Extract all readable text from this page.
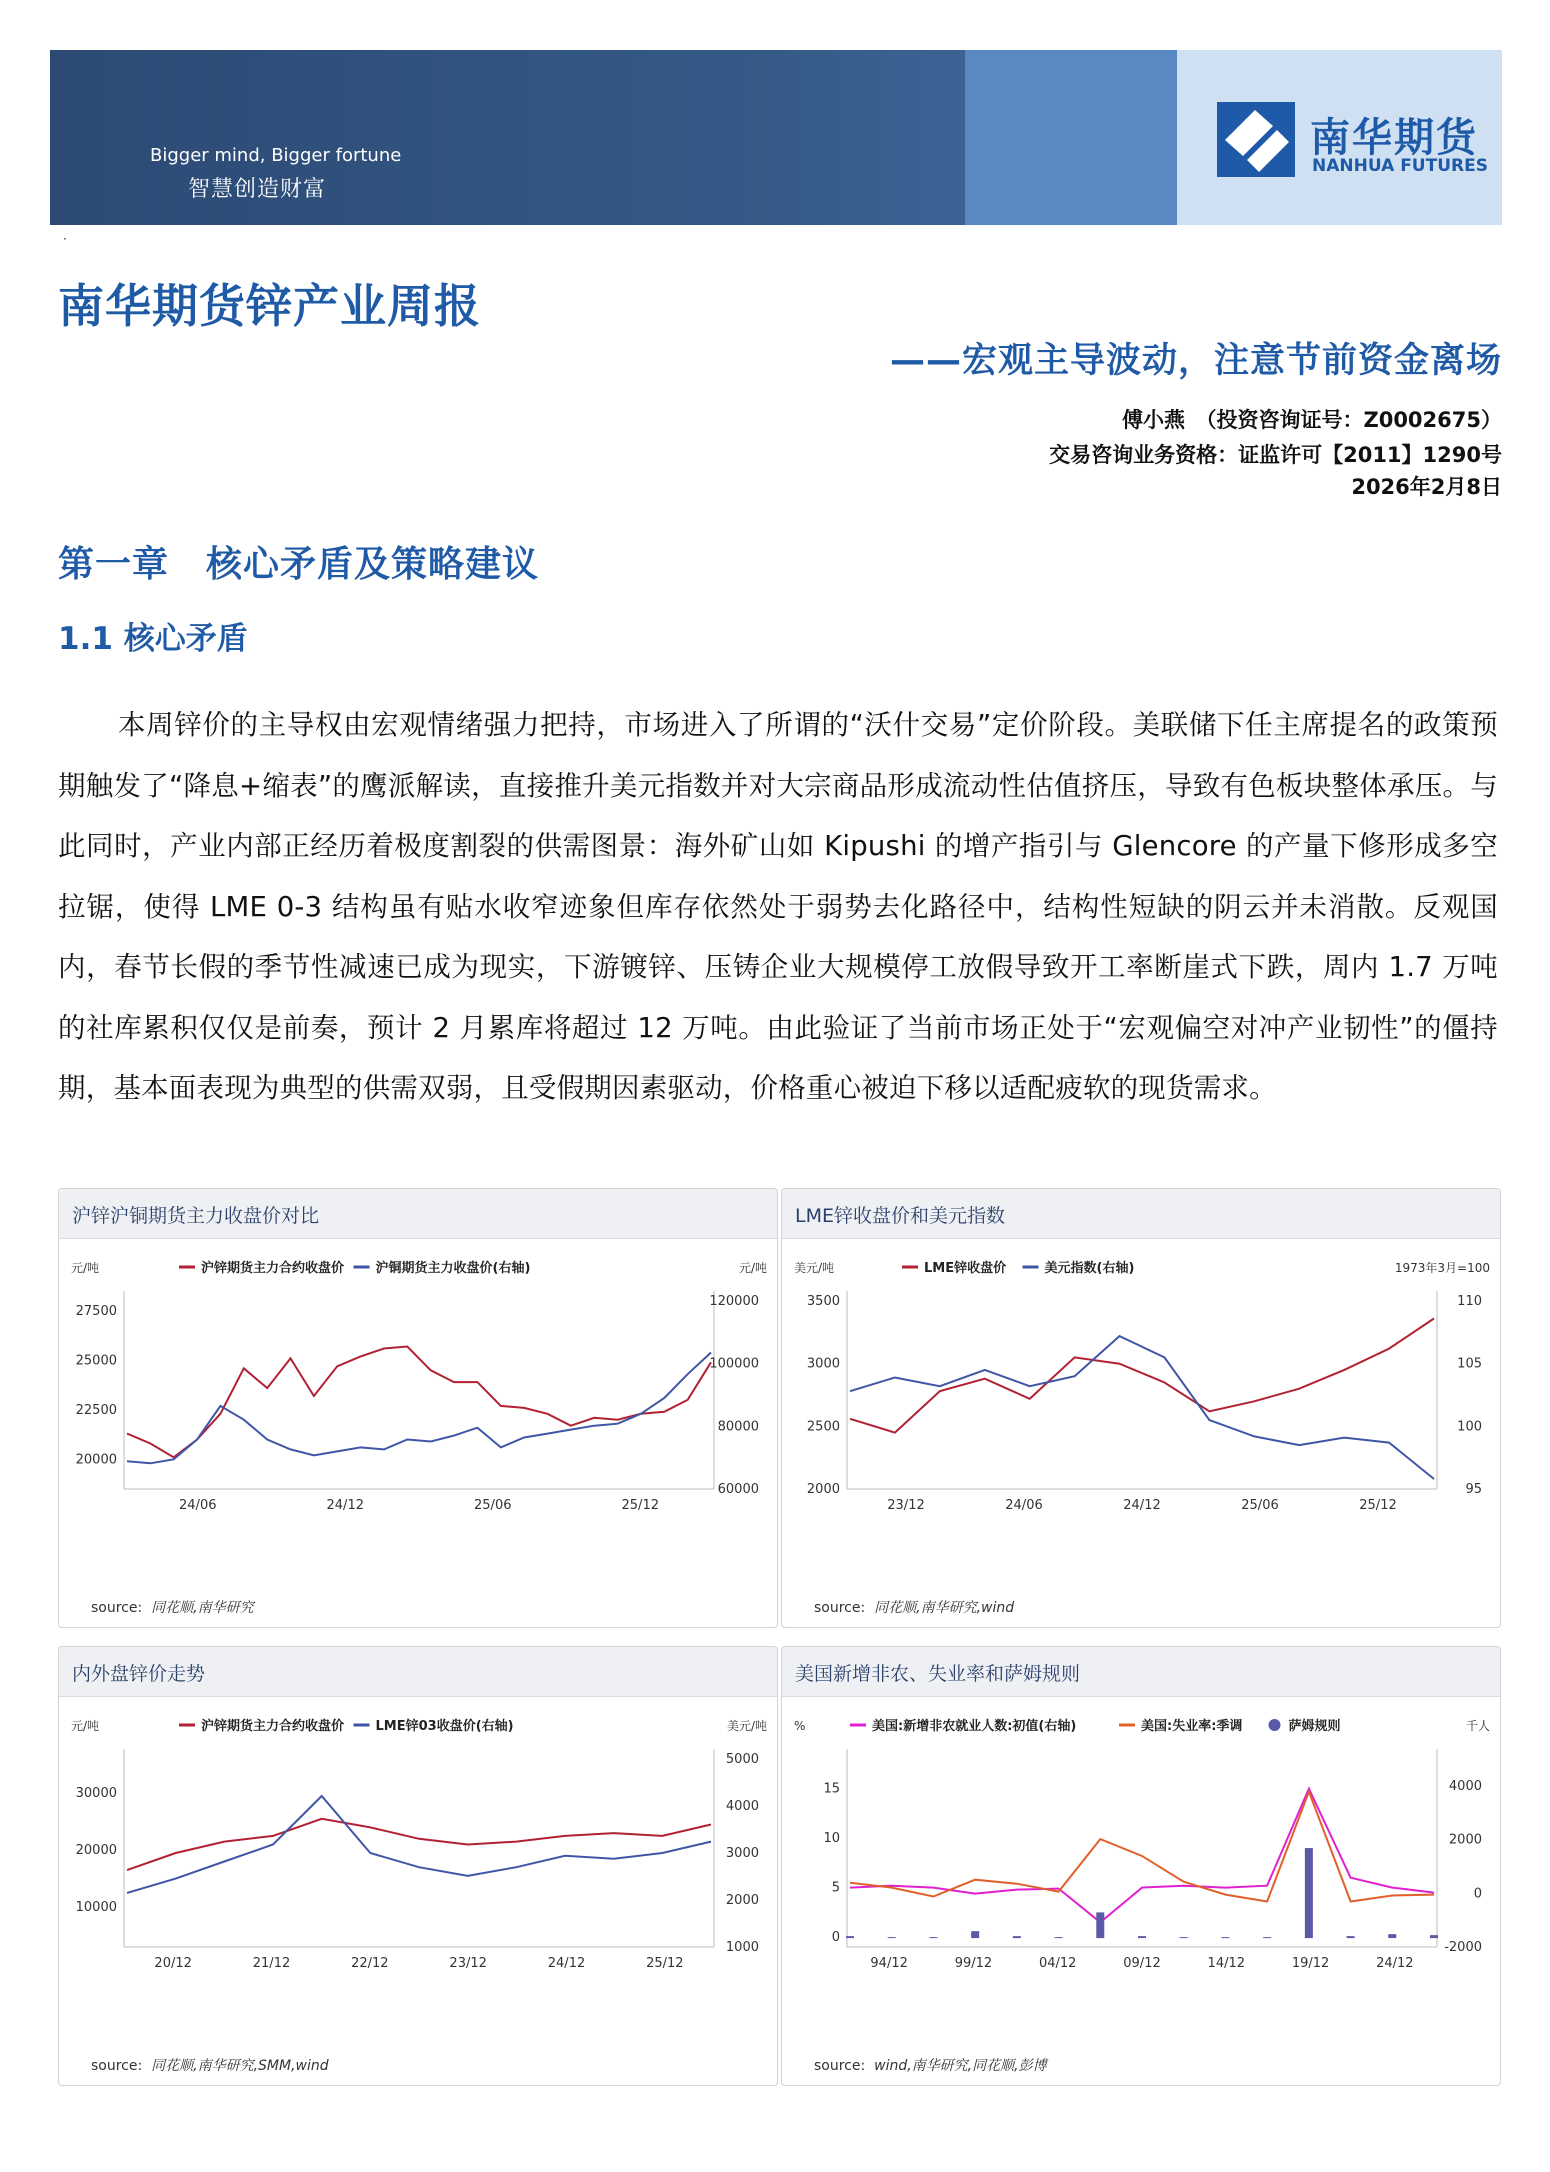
Bigger mind, Bigger fortune
智慧创造财富
南华期货
NANHUA FUTURES
·
南华期货锌产业周报
——宏观主导波动，注意节前资金离场
傅小燕　（投资咨询证号：Z0002675）
交易咨询业务资格：证监许可【2011】1290号
2026年2月8日
第一章　核心矛盾及策略建议
1.1 核心矛盾
本周锌价的主导权由宏观情绪强力把持，市场进入了所谓的“沃什交易”定价阶段。美联储下任主席提名的政策预期触发了“降息+缩表”的鹰派解读，直接推升美元指数并对大宗商品形成流动性估值挤压，导致有色板块整体承压。与此同时，产业内部正经历着极度割裂的供需图景：海外矿山如 Kipushi 的增产指引与 Glencore 的产量下修形成多空拉锯，使得 LME 0-3 结构虽有贴水收窄迹象但库存依然处于弱势去化路径中，结构性短缺的阴云并未消散。反观国内，春节长假的季节性减速已成为现实，下游镀锌、压铸企业大规模停工放假导致开工率断崖式下跌，周内 1.7 万吨的社库累积仅仅是前奏，预计 2 月累库将超过 12 万吨。由此验证了当前市场正处于“宏观偏空对冲产业韧性”的僵持期，基本面表现为典型的供需双弱，且受假期因素驱动，价格重心被迫下移以适配疲软的现货需求。
沪锌沪铜期货主力收盘价对比
元/吨	元/吨
27500
25000
22500
20000
120000
100000
80000
60000
24/06	24/12	25/06	25/12
沪锌期货主力合约收盘价 沪铜期货主力收盘价(右轴)
source: 同花顺,南华研究
LME锌收盘价和美元指数
美元/吨	1973年3月=100
3500
3000
2500
2000
110
105
100
95
23/12	24/06	24/12	25/06	25/12
LME锌收盘价	美元指数(右轴)
source: 同花顺,南华研究,wind
内外盘锌价走势
元/吨	美元/吨
30000
20000
10000
5000
4000
3000
2000
1000
20/12	21/12	22/12	23/12	24/12	25/12
沪锌期货主力合约收盘价 LME锌03收盘价(右轴)
source: 同花顺,南华研究,SMM,wind
美国新增非农、失业率和萨姆规则
%	千人
15
10
5
0
4000
2000
0
-2000
94/12	99/12	04/12	09/12	14/12	19/12	24/12
美国:新增非农就业人数:初值(右轴)	美国:失业率:季调	萨姆规则
source: wind,南华研究,同花顺,彭博
